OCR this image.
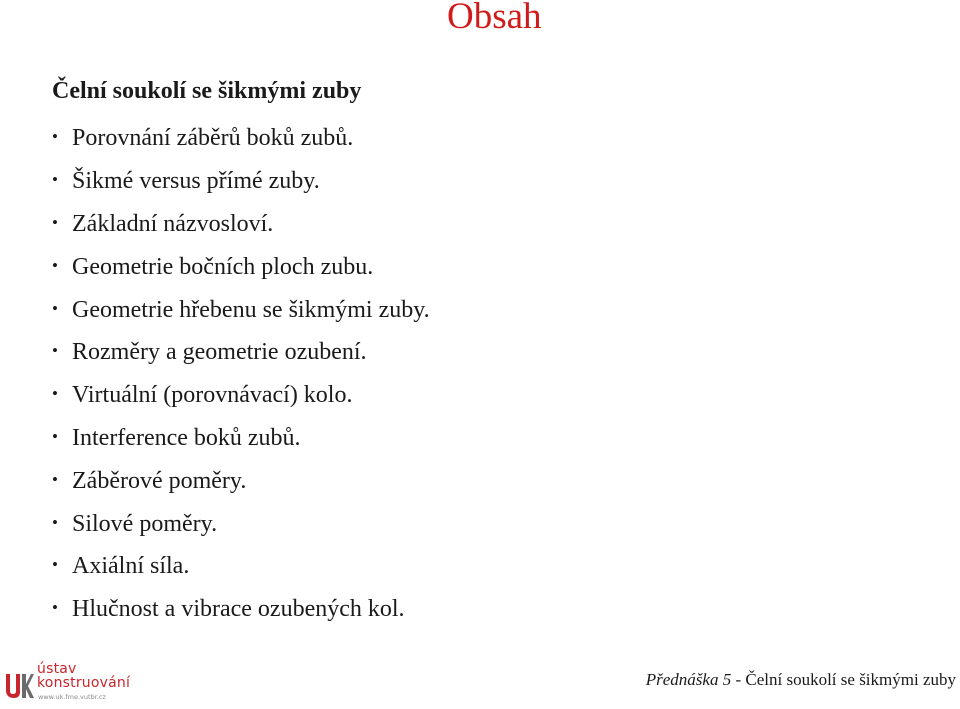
Obsah
Čelní soukolí se šikmými zuby
• Porovnání záběrů boků zubů.
• Šikmé versus přímé zuby.
• Základní názvosloví.
• Geometrie bočních ploch zubu.
• Geometrie hřebenu se šikmými zuby.
• Rozměry a geometrie ozubení.
• Virtuální (porovnávací) kolo.
• Interference boků zubů.
• Záběrové poměry.
• Silové poměry.
• Axiální síla.
• Hlučnost a vibrace ozubených kol.
ústav
konstruování
www.uk.fme.vutbr.cz
Přednáška 5 - Čelní soukolí se šikmými zuby
